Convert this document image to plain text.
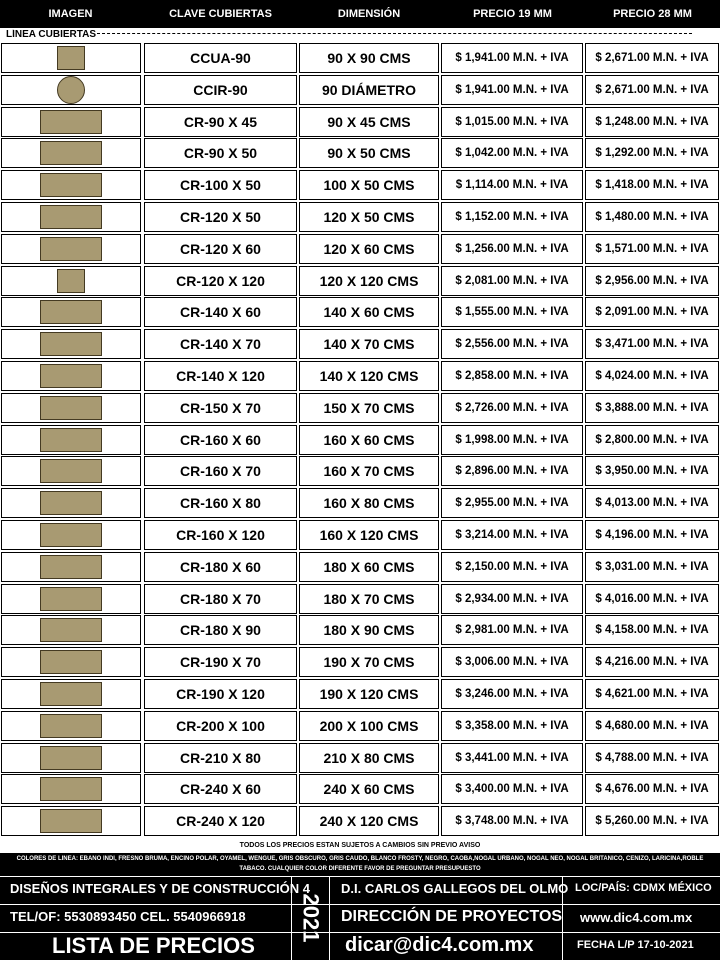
IMAGEN	CLAVE CUBIERTAS	DIMENSIÓN	PRECIO 19 MM	PRECIO 28 MM
LÍNEA CUBIERTAS
CCUA-90	90 X 90 CMS	$ 1,941.00 M.N. + IVA	$ 2,671.00 M.N. + IVA
CCIR-90	90 DIÁMETRO	$ 1,941.00 M.N. + IVA	$ 2,671.00 M.N. + IVA
CR-90 X 45	90 X 45 CMS	$ 1,015.00 M.N. + IVA	$ 1,248.00 M.N. + IVA
CR-90 X 50	90 X 50 CMS	$ 1,042.00 M.N. + IVA	$ 1,292.00 M.N. + IVA
CR-100 X 50	100 X 50 CMS	$ 1,114.00 M.N. + IVA	$ 1,418.00 M.N. + IVA
CR-120 X 50	120 X 50 CMS	$ 1,152.00 M.N. + IVA	$ 1,480.00 M.N. + IVA
CR-120 X 60	120 X 60 CMS	$ 1,256.00 M.N. + IVA	$ 1,571.00 M.N. + IVA
CR-120 X 120	120 X 120 CMS	$ 2,081.00 M.N. + IVA	$ 2,956.00 M.N. + IVA
CR-140 X 60	140 X 60 CMS	$ 1,555.00 M.N. + IVA	$ 2,091.00 M.N. + IVA
CR-140 X 70	140 X 70 CMS	$ 2,556.00 M.N. + IVA	$ 3,471.00 M.N. + IVA
CR-140 X 120	140 X 120 CMS	$ 2,858.00 M.N. + IVA	$ 4,024.00 M.N. + IVA
CR-150 X 70	150 X 70 CMS	$ 2,726.00 M.N. + IVA	$ 3,888.00 M.N. + IVA
CR-160 X 60	160 X 60 CMS	$ 1,998.00 M.N. + IVA	$ 2,800.00 M.N. + IVA
CR-160 X 70	160 X 70 CMS	$ 2,896.00 M.N. + IVA	$ 3,950.00 M.N. + IVA
CR-160 X 80	160 X 80 CMS	$ 2,955.00 M.N. + IVA	$ 4,013.00 M.N. + IVA
CR-160 X 120	160 X 120 CMS	$ 3,214.00 M.N. + IVA	$ 4,196.00 M.N. + IVA
CR-180 X 60	180 X 60 CMS	$ 2,150.00 M.N. + IVA	$ 3,031.00 M.N. + IVA
CR-180 X 70	180 X 70 CMS	$ 2,934.00 M.N. + IVA	$ 4,016.00 M.N. + IVA
CR-180 X 90	180 X 90 CMS	$ 2,981.00 M.N. + IVA	$ 4,158.00 M.N. + IVA
CR-190 X 70	190 X 70 CMS	$ 3,006.00 M.N. + IVA	$ 4,216.00 M.N. + IVA
CR-190 X 120	190 X 120 CMS	$ 3,246.00 M.N. + IVA	$ 4,621.00 M.N. + IVA
CR-200 X 100	200 X 100 CMS	$ 3,358.00 M.N. + IVA	$ 4,680.00 M.N. + IVA
CR-210 X 80	210 X 80 CMS	$ 3,441.00 M.N. + IVA	$ 4,788.00 M.N. + IVA
CR-240 X 60	240 X 60 CMS	$ 3,400.00 M.N. + IVA	$ 4,676.00 M.N. + IVA
CR-240 X 120	240 X 120 CMS	$ 3,748.00 M.N. + IVA	$ 5,260.00 M.N. + IVA
TODOS LOS PRECIOS ESTAN SUJETOS A CAMBIOS SIN PREVIO AVISO
COLORES DE LINEA: EBANO INDI, FRESNO BRUMA, ENCINO POLAR, OYAMEL, WENGUE, GRIS OBSCURO, GRIS CAUDO, BLANCO FROSTY, NEGRO, CAOBA,NOGAL URBANO, NOGAL NEO, NOGAL BRITANICO, CENIZO, LARICINA,ROBLE TABACO. CUALQUIER COLOR DIFERENTE FAVOR DE PREGUNTAR PRESUPUESTO
DISEÑOS INTEGRALES Y DE CONSTRUCCIÓN 4
TEL/OF: 5530893450 CEL. 5540966918
LISTA DE PRECIOS
2021
D.I. CARLOS GALLEGOS DEL OLMO
DIRECCIÓN DE PROYECTOS
dicar@dic4.com.mx
LOC/PAÍS: CDMX MÉXICO
www.dic4.com.mx
FECHA L/P 17-10-2021
